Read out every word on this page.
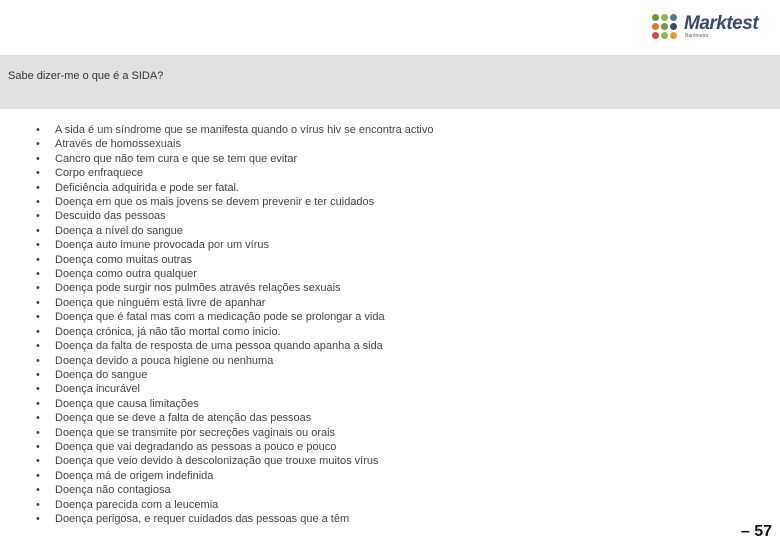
Marktest
Barómetro
Sabe dizer-me o que é a SIDA?
• A sida é um síndrome que se manifesta quando o vírus hiv se encontra activo
• Através de homossexuais
• Cancro que não tem cura e que se tem que evitar
• Corpo enfraquece
• Deficiência adquirida e pode ser fatal.
• Doença em que os mais jovens se devem prevenir e ter cuidados
• Descuido das pessoas
• Doença a nível do sangue
• Doença auto imune provocada por um vírus
• Doença como muitas outras
• Doença como outra qualquer
• Doença pode surgir nos pulmões através relações sexuais
• Doença que ninguém está livre de apanhar
• Doença que é fatal mas com a medicação pode se prolongar a vida
• Doença crónica, já não tão mortal como inicio.
• Doença da falta de resposta de uma pessoa quando apanha a sida
• Doença devido a pouca higiene ou nenhuma
• Doença do sangue
• Doença incurável
• Doença que causa limitações
• Doença que se deve a falta de atenção das pessoas
• Doença que se transmite por secreções vaginais ou orais
• Doença que vai degradando as pessoas a pouco e pouco
• Doença que veio devido à descolonização que trouxe muitos vírus
• Doença má de origem indefinida
• Doença não contagiosa
• Doença parecida com a leucemia
• Doença perigosa, e requer cuidados das pessoas que a têm
– 57
